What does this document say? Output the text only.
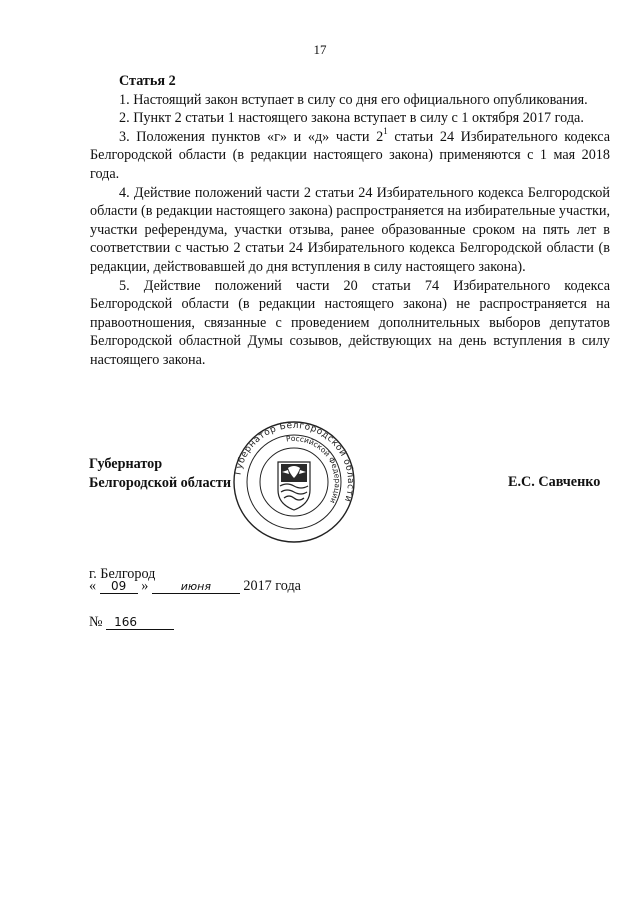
17

Статья 2

1. Настоящий закон вступает в силу со дня его официального опубликования.

2. Пункт 2 статьи 1 настоящего закона вступает в силу с 1 октября 2017 года.

3. Положения пунктов «г» и «д» части $2^1$ статьи 24 Избирательного кодекса Белгородской области (в редакции настоящего закона) применяются с 1 мая 2018 года.

4. Действие положений части 2 статьи 24 Избирательного кодекса Белгородской области (в редакции настоящего закона) распространяется на избирательные участки, участки референдума, участки отзыва, ранее образованные сроком на пять лет в соответствии с частью 2 статьи 24 Избирательного кодекса Белгородской области (в редакции, действовавшей до дня вступления в силу настоящего закона).

5. Действие положений части 20 статьи 74 Избирательного кодекса Белгородской области (в редакции настоящего закона) не распространяется на правоотношения, связанные с проведением дополнительных выборов депутатов Белгородской областной Думы созывов, действующих на день вступления в силу настоящего закона.

Губернатор
Белгородской области
Губернатор Белгородской области
Российской Федерации
Е.С. Савченко
г. Белгород
« 09 »	июня 2017 года
№ 166
